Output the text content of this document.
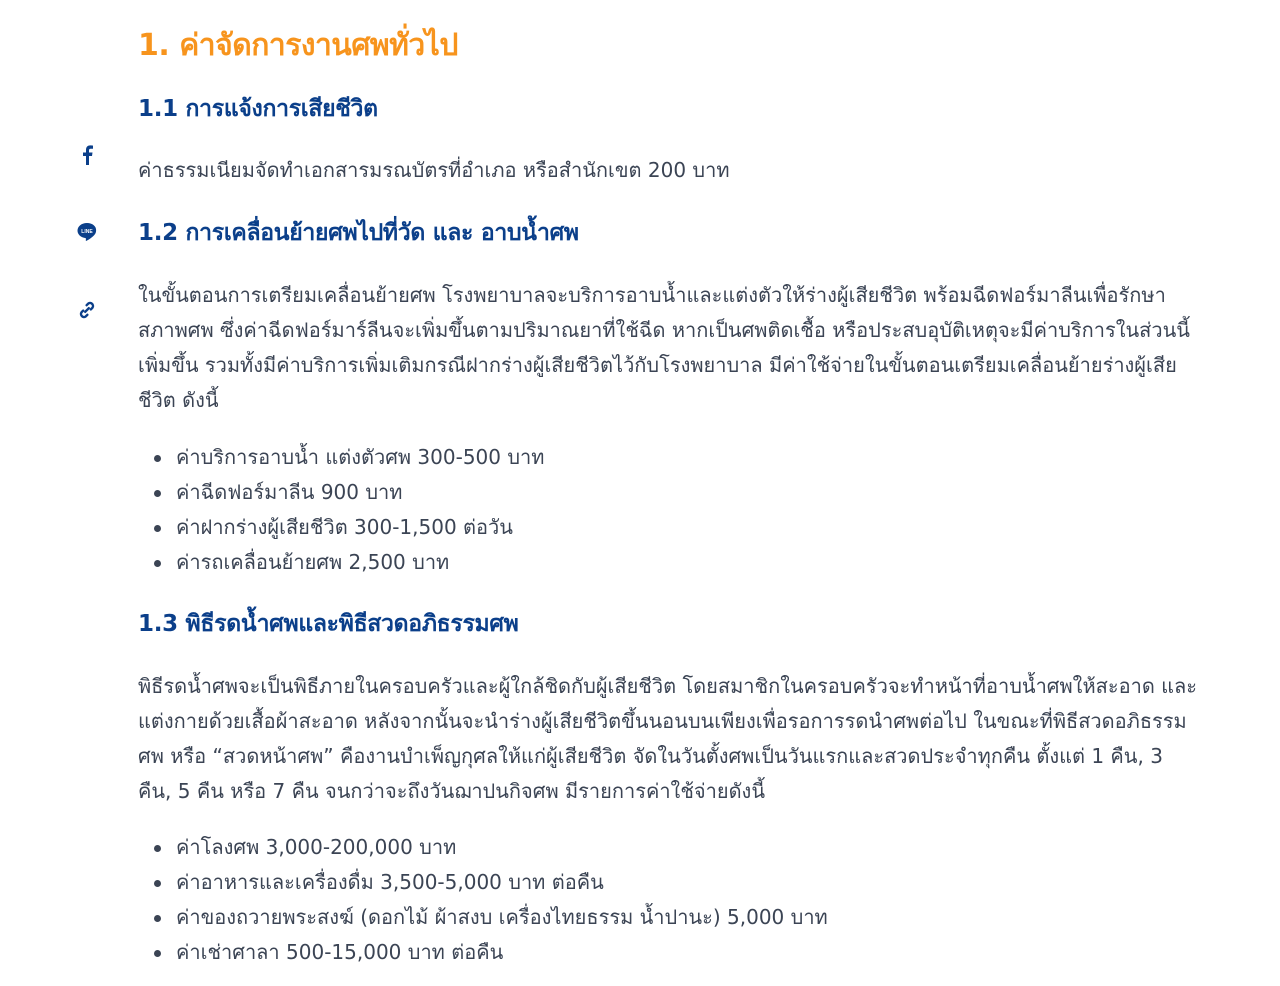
LINE
1. ค่าจัดการงานศพทั่วไป
1.1 การแจ้งการเสียชีวิต

ค่าธรรมเนียมจัดทำเอกสารมรณบัตรที่อำเภอ หรือสำนักเขต 200 บาท

1.2 การเคลื่อนย้ายศพไปที่วัด และ อาบน้ำศพ

ในขั้นตอนการเตรียมเคลื่อนย้ายศพ โรงพยาบาลจะบริการอาบน้ำและแต่งตัวให้ร่างผู้เสียชีวิต พร้อมฉีดฟอร์มาลีนเพื่อรักษาสภาพศพ ซึ่งค่าฉีดฟอร์มาร์ลีนจะเพิ่มขึ้นตามปริมาณยาที่ใช้ฉีด หากเป็นศพติดเชื้อ หรือประสบอุบัติเหตุจะมีค่าบริการในส่วนนี้เพิ่มขึ้น รวมทั้งมีค่าบริการเพิ่มเติมกรณีฝากร่างผู้เสียชีวิตไว้กับโรงพยาบาล มีค่าใช้จ่ายในขั้นตอนเตรียมเคลื่อนย้ายร่างผู้เสียชีวิต ดังนี้

ค่าบริการอาบน้ำ แต่งตัวศพ 300-500 บาท
ค่าฉีดฟอร์มาลีน 900 บาท
ค่าฝากร่างผู้เสียชีวิต 300-1,500 ต่อวัน
ค่ารถเคลื่อนย้ายศพ 2,500 บาท
1.3 พิธีรดน้ำศพและพิธีสวดอภิธรรมศพ

พิธีรดน้ำศพจะเป็นพิธีภายในครอบครัวและผู้ใกล้ชิดกับผู้เสียชีวิต โดยสมาชิกในครอบครัวจะทำหน้าที่อาบน้ำศพให้สะอาด และแต่งกายด้วยเสื้อผ้าสะอาด หลังจากนั้นจะนำร่างผู้เสียชีวิตขึ้นนอนบนเพียงเพื่อรอการรดนำศพต่อไป ในขณะที่พิธีสวดอภิธรรมศพ หรือ “สวดหน้าศพ” คืองานบำเพ็ญกุศลให้แก่ผู้เสียชีวิต จัดในวันตั้งศพเป็นวันแรกและสวดประจำทุกคืน ตั้งแต่ 1 คืน, 3 คืน, 5 คืน หรือ 7 คืน จนกว่าจะถึงวันฌาปนกิจศพ มีรายการค่าใช้จ่ายดังนี้

ค่าโลงศพ 3,000-200,000 บาท
ค่าอาหารและเครื่องดื่ม 3,500-5,000 บาท ต่อคืน
ค่าของถวายพระสงฆ์ (ดอกไม้ ผ้าสงบ เครื่องไทยธรรม น้ำปานะ) 5,000 บาท
ค่าเช่าศาลา 500-15,000 บาท ต่อคืน
